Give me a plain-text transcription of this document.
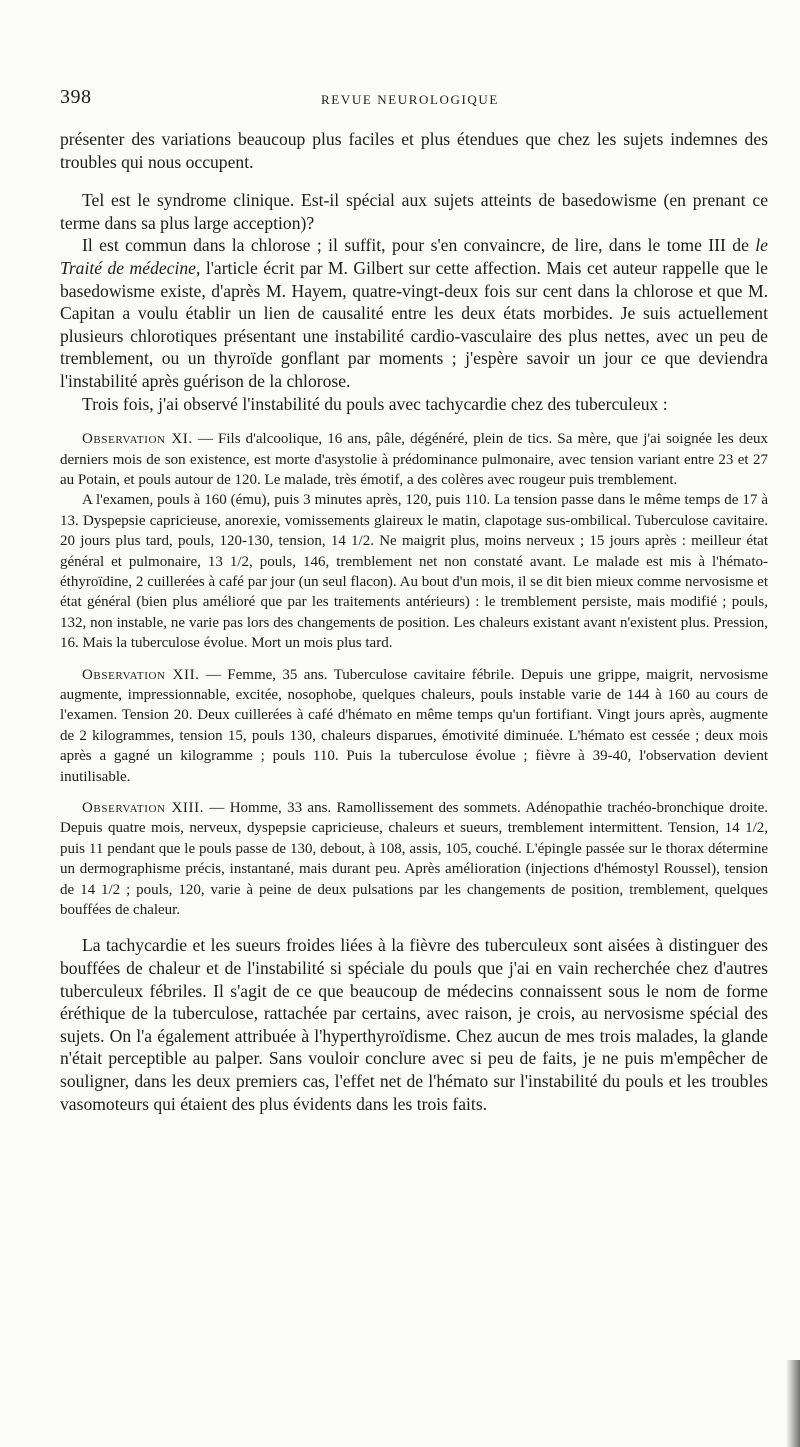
398	REVUE NEUROLOGIQUE

présenter des variations beaucoup plus faciles et plus étendues que chez les sujets indemnes des troubles qui nous occupent.

Tel est le syndrome clinique. Est-il spécial aux sujets atteints de basedowisme (en prenant ce terme dans sa plus large acception)?

Il est commun dans la chlorose ; il suffit, pour s'en convaincre, de lire, dans le tome III de le Traité de médecine, l'article écrit par M. Gilbert sur cette affection. Mais cet auteur rappelle que le basedowisme existe, d'après M. Hayem, quatre-vingt-deux fois sur cent dans la chlorose et que M. Capitan a voulu établir un lien de causalité entre les deux états morbides. Je suis actuellement plusieurs chlorotiques présentant une instabilité cardio-vasculaire des plus nettes, avec un peu de tremblement, ou un thyroïde gonflant par moments ; j'espère savoir un jour ce que deviendra l'instabilité après guérison de la chlorose.

Trois fois, j'ai observé l'instabilité du pouls avec tachycardie chez des tuberculeux :

Observation XI. — Fils d'alcoolique, 16 ans, pâle, dégénéré, plein de tics. Sa mère, que j'ai soignée les deux derniers mois de son existence, est morte d'asystolie à prédominance pulmonaire, avec tension variant entre 23 et 27 au Potain, et pouls autour de 120. Le malade, très émotif, a des colères avec rougeur puis tremblement.

A l'examen, pouls à 160 (ému), puis 3 minutes après, 120, puis 110. La tension passe dans le même temps de 17 à 13. Dyspepsie capricieuse, anorexie, vomissements glaireux le matin, clapotage sus-ombilical. Tuberculose cavitaire. 20 jours plus tard, pouls, 120-130, tension, 14 1/2. Ne maigrit plus, moins nerveux ; 15 jours après : meilleur état général et pulmonaire, 13 1/2, pouls, 146, tremblement net non constaté avant. Le malade est mis à l'hémato-éthyroïdine, 2 cuillerées à café par jour (un seul flacon). Au bout d'un mois, il se dit bien mieux comme nervosisme et état général (bien plus amélioré que par les traitements antérieurs) : le tremblement persiste, mais modifié ; pouls, 132, non instable, ne varie pas lors des changements de position. Les chaleurs existant avant n'existent plus. Pression, 16. Mais la tuberculose évolue. Mort un mois plus tard.

Observation XII. — Femme, 35 ans. Tuberculose cavitaire fébrile. Depuis une grippe, maigrit, nervosisme augmente, impressionnable, excitée, nosophobe, quelques chaleurs, pouls instable varie de 144 à 160 au cours de l'examen. Tension 20. Deux cuillerées à café d'hémato en même temps qu'un fortifiant. Vingt jours après, augmente de 2 kilogrammes, tension 15, pouls 130, chaleurs disparues, émotivité diminuée. L'hémato est cessée ; deux mois après a gagné un kilogramme ; pouls 110. Puis la tuberculose évolue ; fièvre à 39-40, l'observation devient inutilisable.

Observation XIII. — Homme, 33 ans. Ramollissement des sommets. Adénopathie trachéo-bronchique droite. Depuis quatre mois, nerveux, dyspepsie capricieuse, chaleurs et sueurs, tremblement intermittent. Tension, 14 1/2, puis 11 pendant que le pouls passe de 130, debout, à 108, assis, 105, couché. L'épingle passée sur le thorax détermine un dermographisme précis, instantané, mais durant peu. Après amélioration (injections d'hémostyl Roussel), tension de 14 1/2 ; pouls, 120, varie à peine de deux pulsations par les changements de position, tremblement, quelques bouffées de chaleur.

La tachycardie et les sueurs froides liées à la fièvre des tuberculeux sont aisées à distinguer des bouffées de chaleur et de l'instabilité si spéciale du pouls que j'ai en vain recherchée chez d'autres tuberculeux fébriles. Il s'agit de ce que beaucoup de médecins connaissent sous le nom de forme éréthique de la tuberculose, rattachée par certains, avec raison, je crois, au nervosisme spécial des sujets. On l'a également attribuée à l'hyperthyroïdisme. Chez aucun de mes trois malades, la glande n'était perceptible au palper. Sans vouloir conclure avec si peu de faits, je ne puis m'empêcher de souligner, dans les deux premiers cas, l'effet net de l'hémato sur l'instabilité du pouls et les troubles vasomoteurs qui étaient des plus évidents dans les trois faits.
